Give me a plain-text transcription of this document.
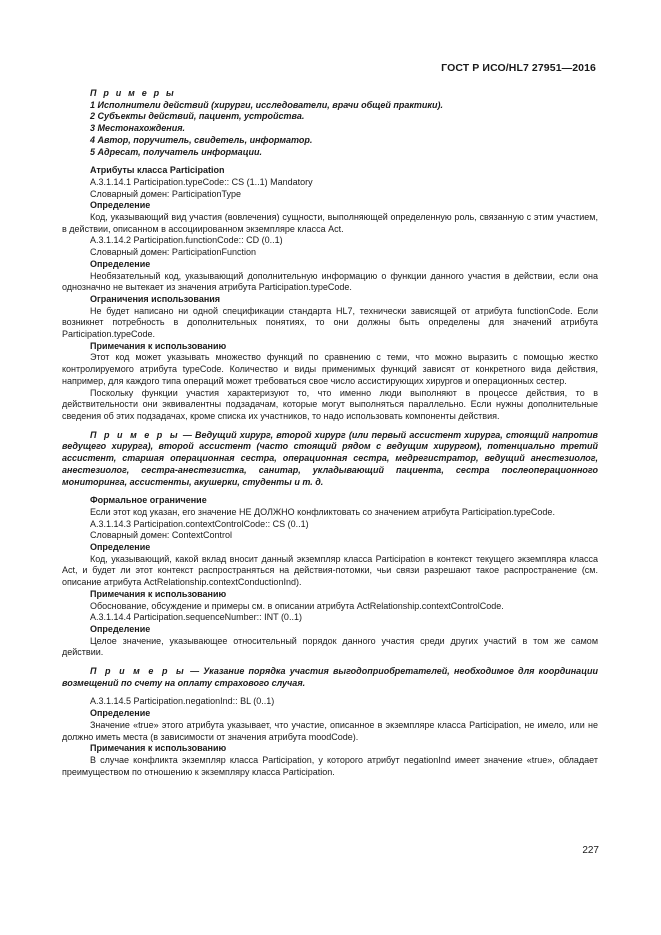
ГОСТ Р ИСО/HL7 27951—2016

П р и м е р ы

1 Исполнители действий (хирурги, исследователи, врачи общей практики).

2 Субъекты действий, пациент, устройства.

3 Местонахождения.

4 Автор, поручитель, свидетель, информатор.

5 Адресат, получатель информации.

Атрибуты класса Participation

A.3.1.14.1 Participation.typeCode:: CS (1..1) Mandatory

Словарный домен: ParticipationType

Определение

Код, указывающий вид участия (вовлечения) сущности, выполняющей определенную роль, связанную с этим участием, в действии, описанном в ассоциированном экземпляре класса Act.

A.3.1.14.2 Participation.functionCode:: CD (0..1)

Словарный домен: ParticipationFunction

Определение

Необязательный код, указывающий дополнительную информацию о функции данного участия в действии, если она однозначно не вытекает из значения атрибута Participation.typeCode.

Ограничения использования

Не будет написано ни одной спецификации стандарта HL7, технически зависящей от атрибута functionCode. Если возникнет потребность в дополнительных понятиях, то они должны быть определены для значений атрибута Participation.typeCode.

Примечания к использованию

Этот код может указывать множество функций по сравнению с теми, что можно выразить с помощью жестко контролируемого атрибута typeCode. Количество и виды применимых функций зависят от конкретного вида действия, например, для каждого типа операций может требоваться свое число ассистирующих хирургов и операционных сестер.

Поскольку функции участия характеризуют то, что именно люди выполняют в процессе действия, то в действительности они эквивалентны подзадачам, которые могут выполняться параллельно. Если нужны дополнительные сведения об этих подзадачах, кроме списка их участников, то надо использовать компоненты действия.

П р и м е р ы — Ведущий хирург, второй хирург (или первый ассистент хирурга, стоящий напротив ведущего хирурга), второй ассистент (часто стоящий рядом с ведущим хирургом), потенциально третий ассистент, старшая операционная сестра, операционная сестра, медрегистратор, ведущий анестезиолог, анестезиолог, сестра-анестезистка, санитар, укладывающий пациента, сестра послеоперационного мониторинга, ассистенты, акушерки, студенты и т. д.

Формальное ограничение

Если этот код указан, его значение НЕ ДОЛЖНО конфликтовать со значением атрибута Participation.typeCode.

A.3.1.14.3 Participation.contextControlCode:: CS (0..1)

Словарный домен: ContextControl

Определение

Код, указывающий, какой вклад вносит данный экземпляр класса Participation в контекст текущего экземпляра класса Act, и будет ли этот контекст распространяться на действия-потомки, чьи связи разрешают такое распространение (см. описание атрибута ActRelationship.contextConductionInd).

Примечания к использованию

Обоснование, обсуждение и примеры см. в описании атрибута ActRelationship.contextControlCode.

A.3.1.14.4 Participation.sequenceNumber:: INT (0..1)

Определение

Целое значение, указывающее относительный порядок данного участия среди других участий в том же самом действии.

П р и м е р ы — Указание порядка участия выгодоприобретателей, необходимое для координации возмещений по счету на оплату страхового случая.

A.3.1.14.5 Participation.negationInd:: BL (0..1)

Определение

Значение «true» этого атрибута указывает, что участие, описанное в экземпляре класса Participation, не имело, или не должно иметь места (в зависимости от значения атрибута moodCode).

Примечания к использованию

В случае конфликта экземпляр класса Participation, у которого атрибут negationInd имеет значение «true», обладает преимуществом по отношению к экземпляру класса Participation.

227
